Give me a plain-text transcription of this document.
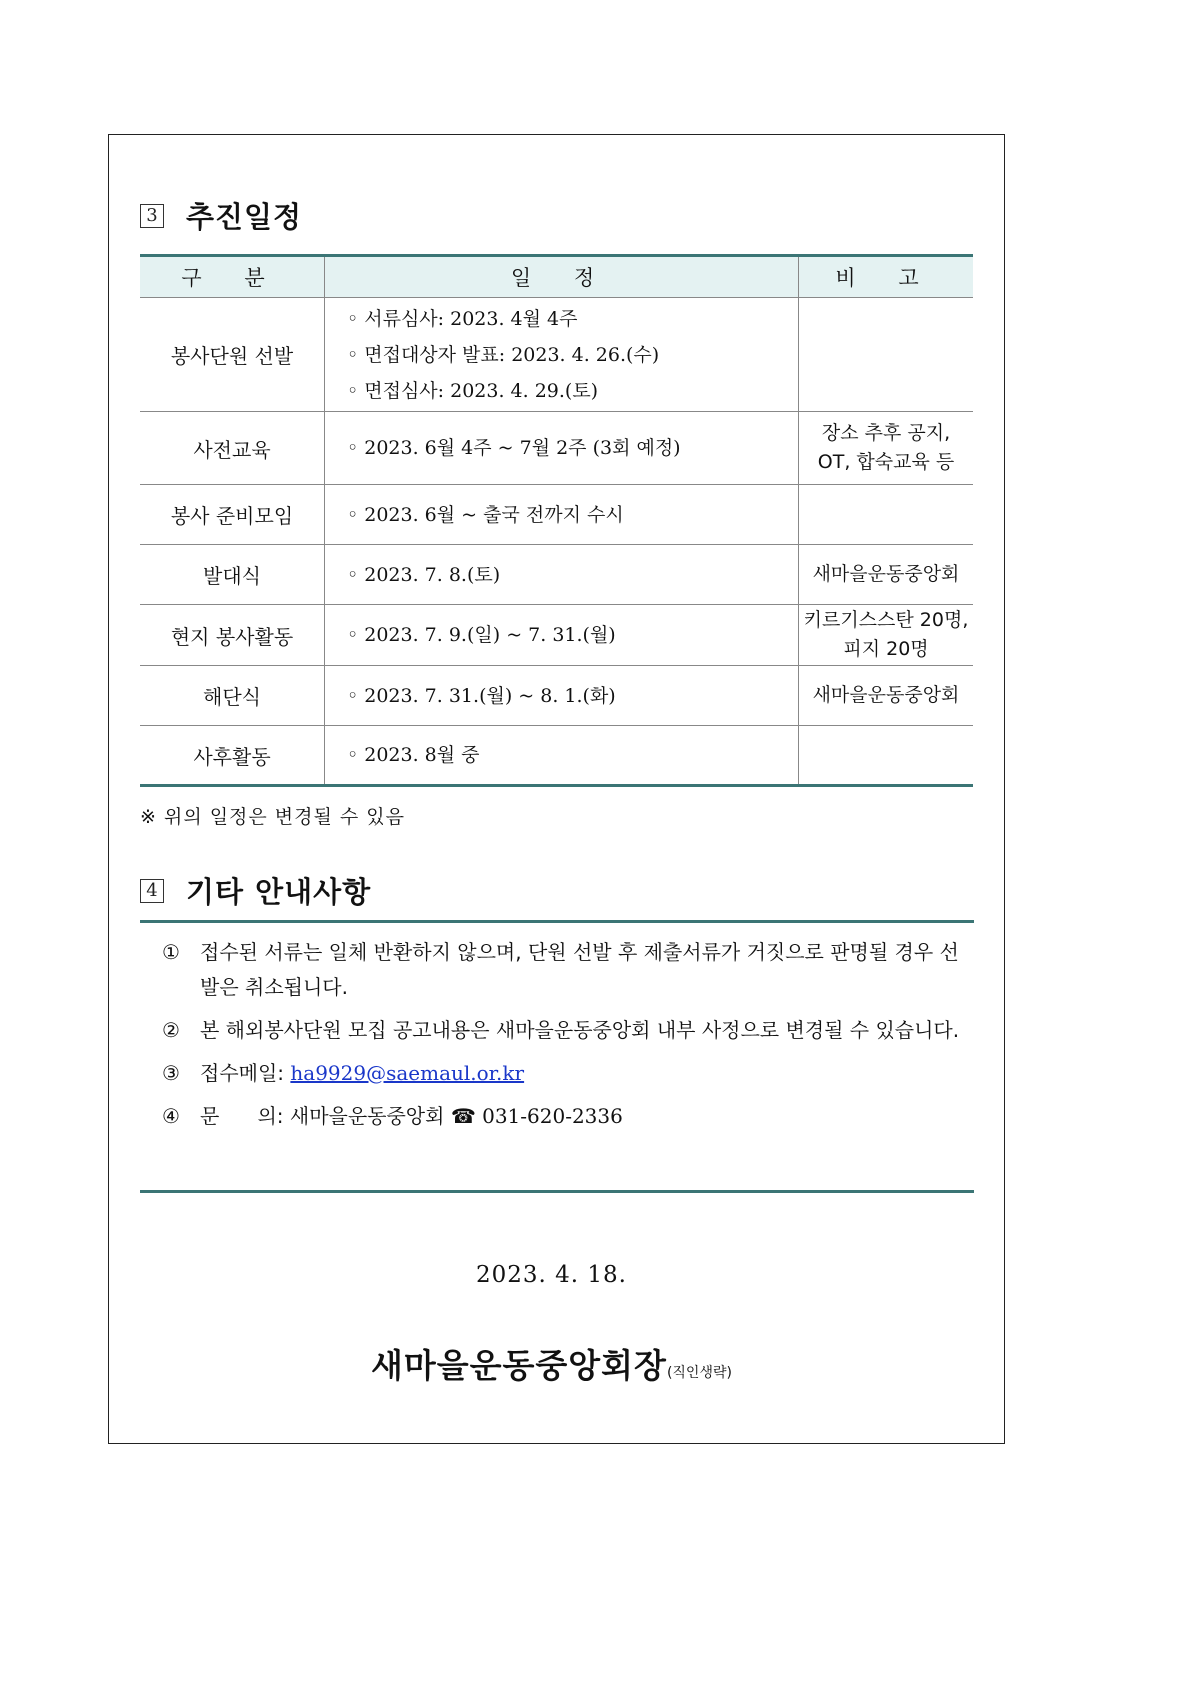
3 추진일정
구 분	일 정	비 고
봉사단원 선발	◦ 서류심사: 2023. 4월 4주
◦ 면접대상자 발표: 2023. 4. 26.(수)
◦ 면접심사: 2023. 4. 29.(토)	

사전교육	◦ 2023. 6월 4주 ~ 7월 2주 (3회 예정)	장소 추후 공지,
OT, 합숙교육 등

봉사 준비모임	◦ 2023. 6월 ~ 출국 전까지 수시	

발대식	◦ 2023. 7. 8.(토)	새마을운동중앙회

현지 봉사활동	◦ 2023. 7. 9.(일) ~ 7. 31.(월)	키르기스스탄 20명,
피지 20명

해단식	◦ 2023. 7. 31.(월) ~ 8. 1.(화)	새마을운동중앙회

사후활동	◦ 2023. 8월 중	

※ 위의 일정은 변경될 수 있음
4 기타 안내사항
① 접수된 서류는 일체 반환하지 않으며, 단원 선발 후 제출서류가 거짓으로 판명될 경우 선발은 취소됩니다.
② 본 해외봉사단원 모집 공고내용은 새마을운동중앙회 내부 사정으로 변경될 수 있습니다.
③ 접수메일: ha9929@saemaul.or.kr
④ 문      의: 새마을운동중앙회 ☎ 031-620-2336
2023. 4. 18.
새마을운동중앙회장(직인생략)
